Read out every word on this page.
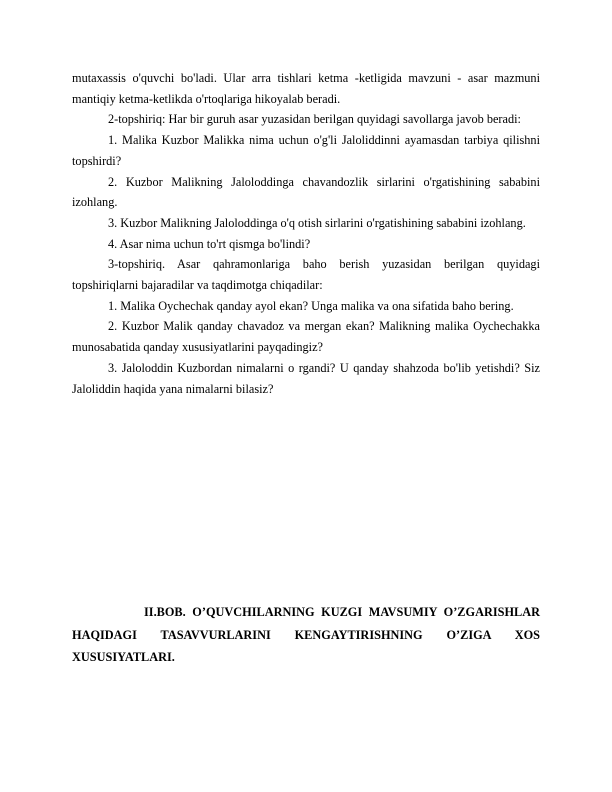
mutaxassis o'quvchi bo'ladi. Ular arra tishlari ketma -ketligida mavzuni - asar mazmuni mantiqiy ketma-ketlikda o'rtoqlariga hikoyalab beradi.

2-topshiriq: Har bir guruh asar yuzasidan berilgan quyidagi savollarga javob beradi:

1. Malika Kuzbor Malikka nima uchun o'g'li Jaloliddinni ayamasdan tarbiya qilishni topshirdi?

2. Kuzbor Malikning Jaloloddinga chavandozlik sirlarini o'rgatishining sababini izohlang.

3. Kuzbor Malikning Jaloloddinga o'q otish sirlarini o'rgatishining sababini izohlang.

4. Asar nima uchun to'rt qismga bo'lindi?

3-topshiriq. Asar qahramonlariga baho berish yuzasidan berilgan quyidagi topshiriqlarni bajaradilar va taqdimotga chiqadilar:

1. Malika Oychechak qanday ayol ekan? Unga malika va ona sifatida baho bering.

2. Kuzbor Malik qanday chavadoz va mergan ekan? Malikning malika Oychechakka munosabatida qanday xususiyatlarini payqadingiz?

3. Jaloloddin Kuzbordan nimalarni o rgandi? U qanday shahzoda bo'lib yetishdi? Siz Jaloliddin haqida yana nimalarni bilasiz?

II.BOB. O’QUVCHILARNING KUZGI MAVSUMIY O’ZGARISHLAR HAQIDAGI TASAVVURLARINI KENGAYTIRISHNING O’ZIGA XOS XUSUSIYATLARI.
